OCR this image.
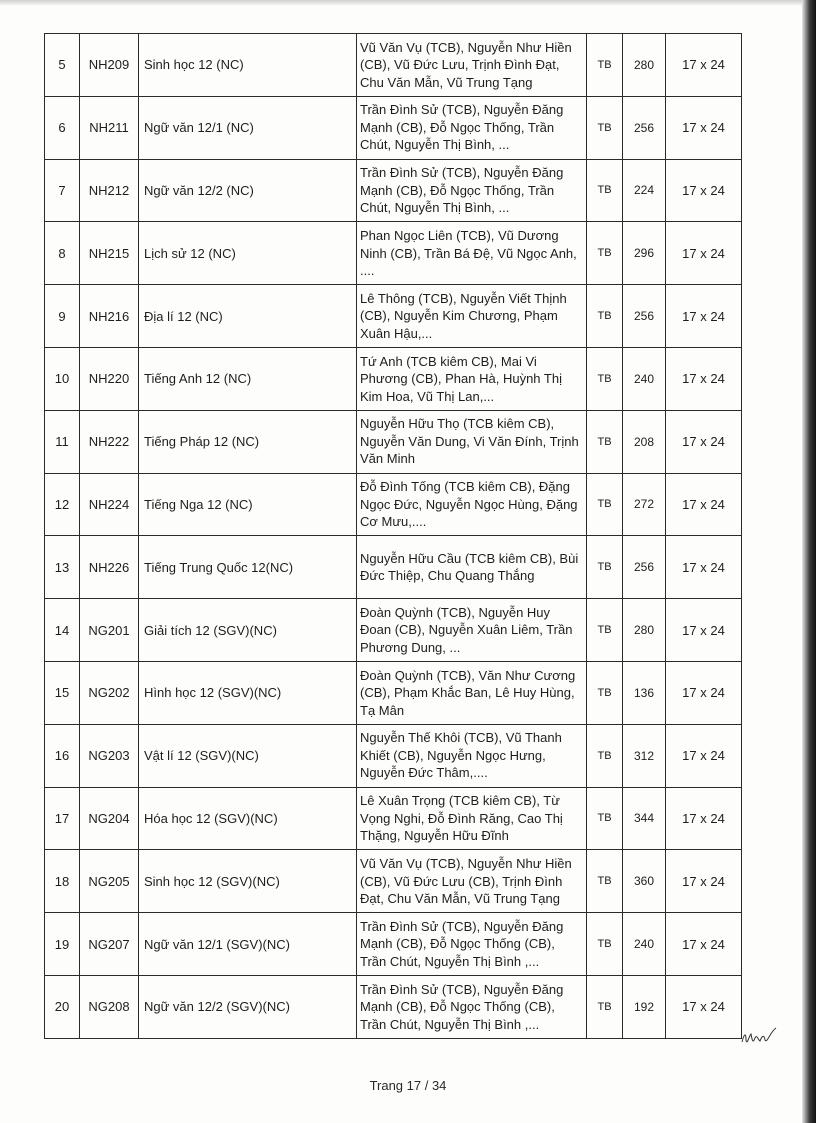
5	NH209	Sinh học 12 (NC)	Vũ Văn Vụ (TCB), Nguyễn Như Hiền (CB), Vũ Đức Lưu, Trịnh Đình Đạt, Chu Văn Mẫn, Vũ Trung Tạng	TB	280	17 x 24
6	NH211	Ngữ văn 12/1 (NC)	Trần Đình Sử (TCB), Nguyễn Đăng Mạnh (CB), Đỗ Ngọc Thống, Trần Chút, Nguyễn Thị Bình, ...	TB	256	17 x 24
7	NH212	Ngữ văn 12/2 (NC)	Trần Đình Sử (TCB), Nguyễn Đăng Mạnh (CB), Đỗ Ngọc Thống, Trần Chút, Nguyễn Thị Bình, ...	TB	224	17 x 24
8	NH215	Lịch sử 12 (NC)	Phan Ngọc Liên (TCB), Vũ Dương Ninh (CB), Trần Bá Đệ, Vũ Ngọc Anh, ....	TB	296	17 x 24
9	NH216	Địa lí 12 (NC)	Lê Thông (TCB), Nguyễn Viết Thịnh (CB), Nguyễn Kim Chương, Phạm Xuân Hậu,...	TB	256	17 x 24
10	NH220	Tiếng Anh 12 (NC)	Tứ Anh (TCB kiêm CB), Mai Vi Phương (CB), Phan Hà, Huỳnh Thị Kim Hoa, Vũ Thị Lan,...	TB	240	17 x 24
11	NH222	Tiếng Pháp 12 (NC)	Nguyễn Hữu Thọ (TCB kiêm CB), Nguyễn Văn Dung, Vi Văn Đính, Trịnh Văn Minh	TB	208	17 x 24
12	NH224	Tiếng Nga 12 (NC)	Đỗ Đình Tống (TCB kiêm CB), Đặng Ngọc Đức, Nguyễn Ngọc Hùng, Đặng Cơ Mưu,....	TB	272	17 x 24
13	NH226	Tiếng Trung Quốc 12(NC)	Nguyễn Hữu Cầu (TCB kiêm CB), Bùi Đức Thiệp, Chu Quang Thắng	TB	256	17 x 24
14	NG201	Giải tích 12 (SGV)(NC)	Đoàn Quỳnh (TCB), Nguyễn Huy Đoan (CB), Nguyễn Xuân Liêm, Trần Phương Dung, ...	TB	280	17 x 24
15	NG202	Hình học 12 (SGV)(NC)	Đoàn Quỳnh (TCB), Văn Như Cương (CB), Phạm Khắc Ban, Lê Huy Hùng, Tạ Mân	TB	136	17 x 24
16	NG203	Vật lí 12 (SGV)(NC)	Nguyễn Thế Khôi (TCB), Vũ Thanh Khiết (CB), Nguyễn Ngọc Hưng, Nguyễn Đức Thâm,....	TB	312	17 x 24
17	NG204	Hóa học 12 (SGV)(NC)	Lê Xuân Trọng (TCB kiêm CB), Từ Vọng Nghi, Đỗ Đình Răng, Cao Thị Thặng, Nguyễn Hữu Đĩnh	TB	344	17 x 24
18	NG205	Sinh học 12 (SGV)(NC)	Vũ Văn Vụ (TCB), Nguyễn Như Hiền (CB), Vũ Đức Lưu (CB), Trịnh Đình Đạt, Chu Văn Mẫn, Vũ Trung Tạng	TB	360	17 x 24
19	NG207	Ngữ văn 12/1 (SGV)(NC)	Trần Đình Sử (TCB), Nguyễn Đăng Mạnh (CB), Đỗ Ngọc Thống (CB), Trần Chút, Nguyễn Thị Bình ,...	TB	240	17 x 24
20	NG208	Ngữ văn 12/2 (SGV)(NC)	Trần Đình Sử (TCB), Nguyễn Đăng Mạnh (CB), Đỗ Ngọc Thống (CB), Trần Chút, Nguyễn Thị Bình ,...	TB	192	17 x 24
Trang 17 / 34
